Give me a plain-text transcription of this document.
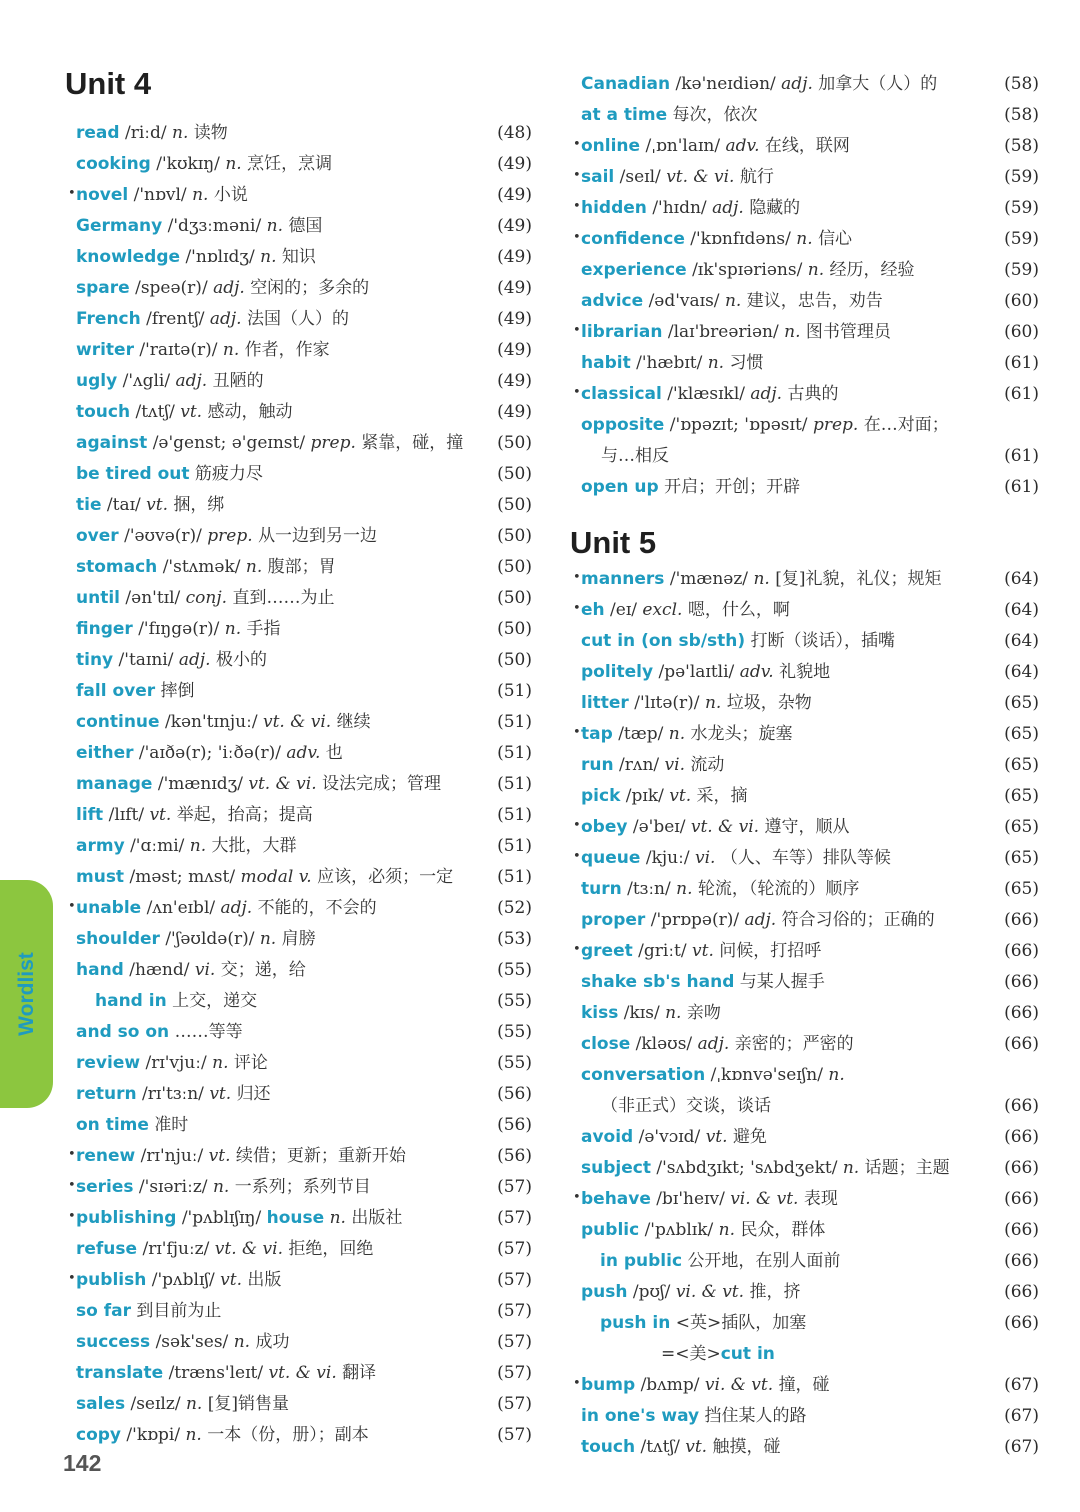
Wordlist
Unit 4
read /riːd/ n. 读物	(48)
cooking /'kʊkɪŋ/ n. 烹饪，烹调	(49)
• novel /'nɒvl/ n. 小说	(49)
Germany /'dʒɜːməni/ n. 德国	(49)
knowledge /'nɒlɪdʒ/ n. 知识	(49)
spare /speə(r)/ adj. 空闲的；多余的	(49)
French /frentʃ/ adj. 法国（人）的	(49)
writer /'raɪtə(r)/ n. 作者，作家	(49)
ugly /'ʌgli/ adj. 丑陋的	(49)
touch /tʌtʃ/ vt. 感动，触动	(49)
against /ə'genst; ə'geɪnst/ prep. 紧靠，碰，撞 (50)
be tired out 筋疲力尽	(50)
tie /taɪ/ vt. 捆，绑	(50)
over /'əʊvə(r)/ prep. 从一边到另一边	(50)
stomach /'stʌmək/ n. 腹部；胃	(50)
until /ən'tɪl/ conj. 直到……为止	(50)
finger /'fɪŋgə(r)/ n. 手指	(50)
tiny /'taɪni/ adj. 极小的	(50)
fall over 摔倒	(51)
continue /kən'tɪnjuː/ vt. & vi. 继续	(51)
either /'aɪðə(r); 'iːðə(r)/ adv. 也	(51)
manage /'mænɪdʒ/ vt. & vi. 设法完成；管理	(51)
lift /lɪft/ vt. 举起，抬高；提高	(51)
army /'ɑːmi/ n. 大批，大群	(51)
must /məst; mʌst/ modal v. 应该，必须；一定	(51)
• unable /ʌn'eɪbl/ adj. 不能的，不会的	(52)
shoulder /'ʃəʊldə(r)/ n. 肩膀	(53)
hand /hænd/ vi. 交；递，给	(55)
hand in 上交，递交	(55)
and so on ……等等	(55)
review /rɪ'vjuː/ n. 评论	(55)
return /rɪ'tɜːn/ vt. 归还	(56)
on time 准时	(56)
• renew /rɪ'njuː/ vt. 续借；更新；重新开始	(56)
• series /'sɪəriːz/ n. 一系列；系列节目	(57)
• publishing /'pʌblɪʃɪŋ/ house n. 出版社	(57)
refuse /rɪ'fjuːz/ vt. & vi. 拒绝，回绝	(57)
• publish /'pʌblɪʃ/ vt. 出版	(57)
so far 到目前为止	(57)
success /sək'ses/ n. 成功	(57)
translate /træns'leɪt/ vt. & vi. 翻译	(57)
sales /seɪlz/ n. [复]销售量	(57)
copy /'kɒpi/ n. 一本（份，册）；副本	(57)
Canadian /kə'neɪdiən/ adj. 加拿大（人）的	(58)
at a time 每次，依次	(58)
• online /ˌɒn'laɪn/ adv. 在线，联网	(58)
• sail /seɪl/ vt. & vi. 航行	(59)
• hidden /'hɪdn/ adj. 隐藏的	(59)
• confidence /'kɒnfɪdəns/ n. 信心	(59)
experience /ɪk'spɪəriəns/ n. 经历，经验	(59)
advice /əd'vaɪs/ n. 建议，忠告，劝告	(60)
• librarian /laɪ'breəriən/ n. 图书管理员	(60)
habit /'hæbɪt/ n. 习惯	(61)
• classical /'klæsɪkl/ adj. 古典的	(61)
opposite /'ɒpəzɪt; 'ɒpəsɪt/ prep. 在…对面；
与…相反	(61)
open up 开启；开创；开辟	(61)
Unit 5
• manners /'mænəz/ n. [复]礼貌，礼仪；规矩	(64)
• eh /eɪ/ excl. 嗯，什么，啊	(64)
cut in (on sb/sth) 打断（谈话），插嘴	(64)
politely /pə'laɪtli/ adv. 礼貌地	(64)
litter /'lɪtə(r)/ n. 垃圾，杂物	(65)
• tap /tæp/ n. 水龙头；旋塞	(65)
run /rʌn/ vi. 流动	(65)
pick /pɪk/ vt. 采，摘	(65)
• obey /ə'beɪ/ vt. & vi. 遵守，顺从	(65)
• queue /kjuː/ vi. （人、车等）排队等候	(65)
turn /tɜːn/ n. 轮流，（轮流的）顺序	(65)
proper /'prɒpə(r)/ adj. 符合习俗的；正确的	(66)
• greet /griːt/ vt. 问候，打招呼	(66)
shake sb's hand 与某人握手	(66)
kiss /kɪs/ n. 亲吻	(66)
close /kləʊs/ adj. 亲密的；严密的	(66)
conversation /ˌkɒnvə'seɪʃn/ n.
（非正式）交谈，谈话	(66)
avoid /ə'vɔɪd/ vt. 避免	(66)
subject /'sʌbdʒɪkt; 'sʌbdʒekt/ n. 话题；主题	(66)
• behave /bɪ'heɪv/ vi. & vt. 表现	(66)
public /'pʌblɪk/ n. 民众，群体	(66)
in public 公开地，在别人面前	(66)
push /pʊʃ/ vi. & vt. 推，挤	(66)
push in <英>插队，加塞	(66)
=<美>cut in
• bump /bʌmp/ vi. & vt. 撞，碰	(67)
in one's way 挡住某人的路	(67)
touch /tʌtʃ/ vt. 触摸，碰	(67)
142
